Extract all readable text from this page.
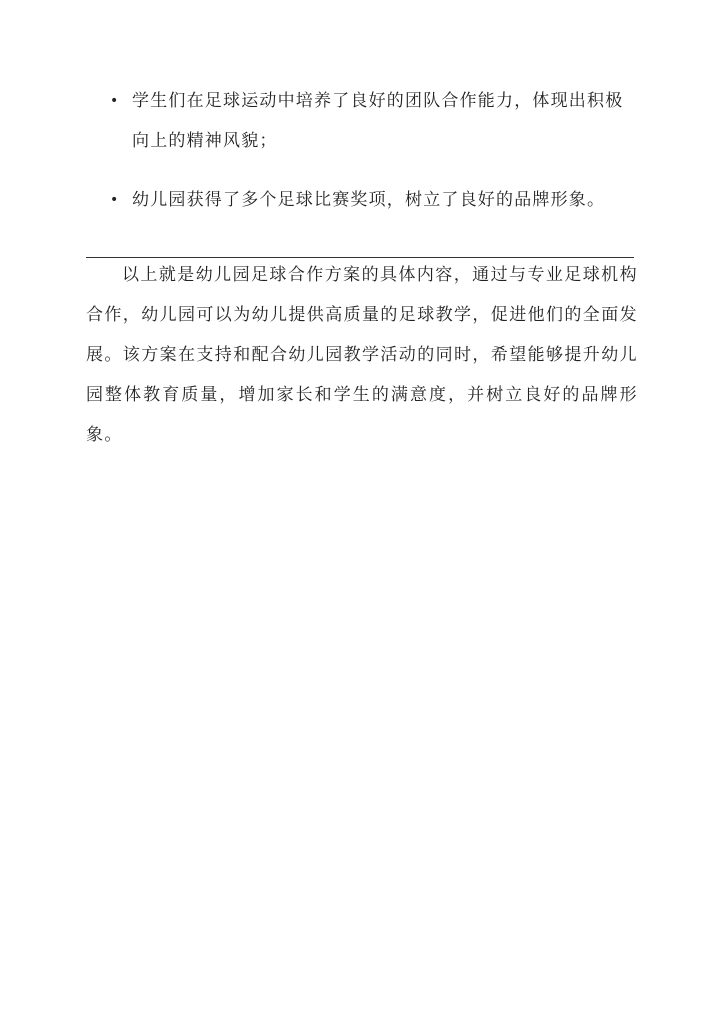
• 学生们在足球运动中培养了良好的团队合作能力，体现出积极向上的精神风貌；
• 幼儿园获得了多个足球比赛奖项，树立了良好的品牌形象。

以上就是幼儿园足球合作方案的具体内容，通过与专业足球机构合作，幼儿园可以为幼儿提供高质量的足球教学，促进他们的全面发展。该方案在支持和配合幼儿园教学活动的同时，希望能够提升幼儿园整体教育质量，增加家长和学生的满意度，并树立良好的品牌形象。
